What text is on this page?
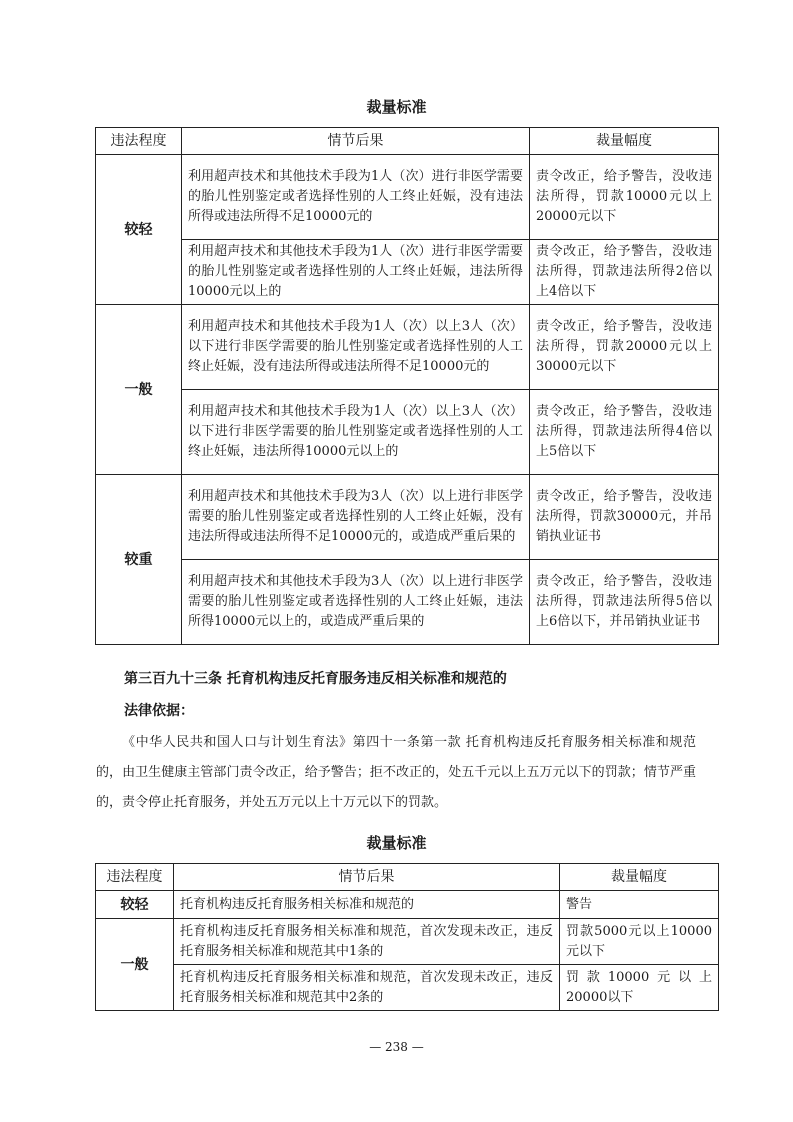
裁量标准
违法程度	情节后果	裁量幅度
较轻	利用超声技术和其他技术手段为1人（次）进行非医学需要的胎儿性别鉴定或者选择性别的人工终止妊娠，没有违法所得或违法所得不足10000元的	责令改正，给予警告，没收违法所得，罚款10000元以上20000元以下
	利用超声技术和其他技术手段为1人（次）进行非医学需要的胎儿性别鉴定或者选择性别的人工终止妊娠，违法所得10000元以上的	责令改正，给予警告，没收违法所得，罚款违法所得2倍以上4倍以下
一般	利用超声技术和其他技术手段为1人（次）以上3人（次）以下进行非医学需要的胎儿性别鉴定或者选择性别的人工终止妊娠，没有违法所得或违法所得不足10000元的	责令改正，给予警告，没收违法所得，罚款20000元以上30000元以下
	利用超声技术和其他技术手段为1人（次）以上3人（次）以下进行非医学需要的胎儿性别鉴定或者选择性别的人工终止妊娠，违法所得10000元以上的	责令改正，给予警告，没收违法所得，罚款违法所得4倍以上5倍以下
较重	利用超声技术和其他技术手段为3人（次）以上进行非医学需要的胎儿性别鉴定或者选择性别的人工终止妊娠，没有违法所得或违法所得不足10000元的，或造成严重后果的	责令改正，给予警告，没收违法所得，罚款30000元，并吊销执业证书
	利用超声技术和其他技术手段为3人（次）以上进行非医学需要的胎儿性别鉴定或者选择性别的人工终止妊娠，违法所得10000元以上的，或造成严重后果的	责令改正，给予警告，没收违法所得，罚款违法所得5倍以上6倍以下，并吊销执业证书
第三百九十三条 托育机构违反托育服务违反相关标准和规范的
法律依据：
《中华人民共和国人口与计划生育法》第四十一条第一款 托育机构违反托育服务相关标准和规范的，由卫生健康主管部门责令改正，给予警告；拒不改正的，处五千元以上五万元以下的罚款；情节严重的，责令停止托育服务，并处五万元以上十万元以下的罚款。
裁量标准
违法程度	情节后果	裁量幅度
较轻	托育机构违反托育服务相关标准和规范的	警告
一般	托育机构违反托育服务相关标准和规范，首次发现未改正，违反托育服务相关标准和规范其中1条的	罚款5000元以上10000元以下
	托育机构违反托育服务相关标准和规范，首次发现未改正，违反托育服务相关标准和规范其中2条的	罚款10000元以上20000以下
— 238 —
